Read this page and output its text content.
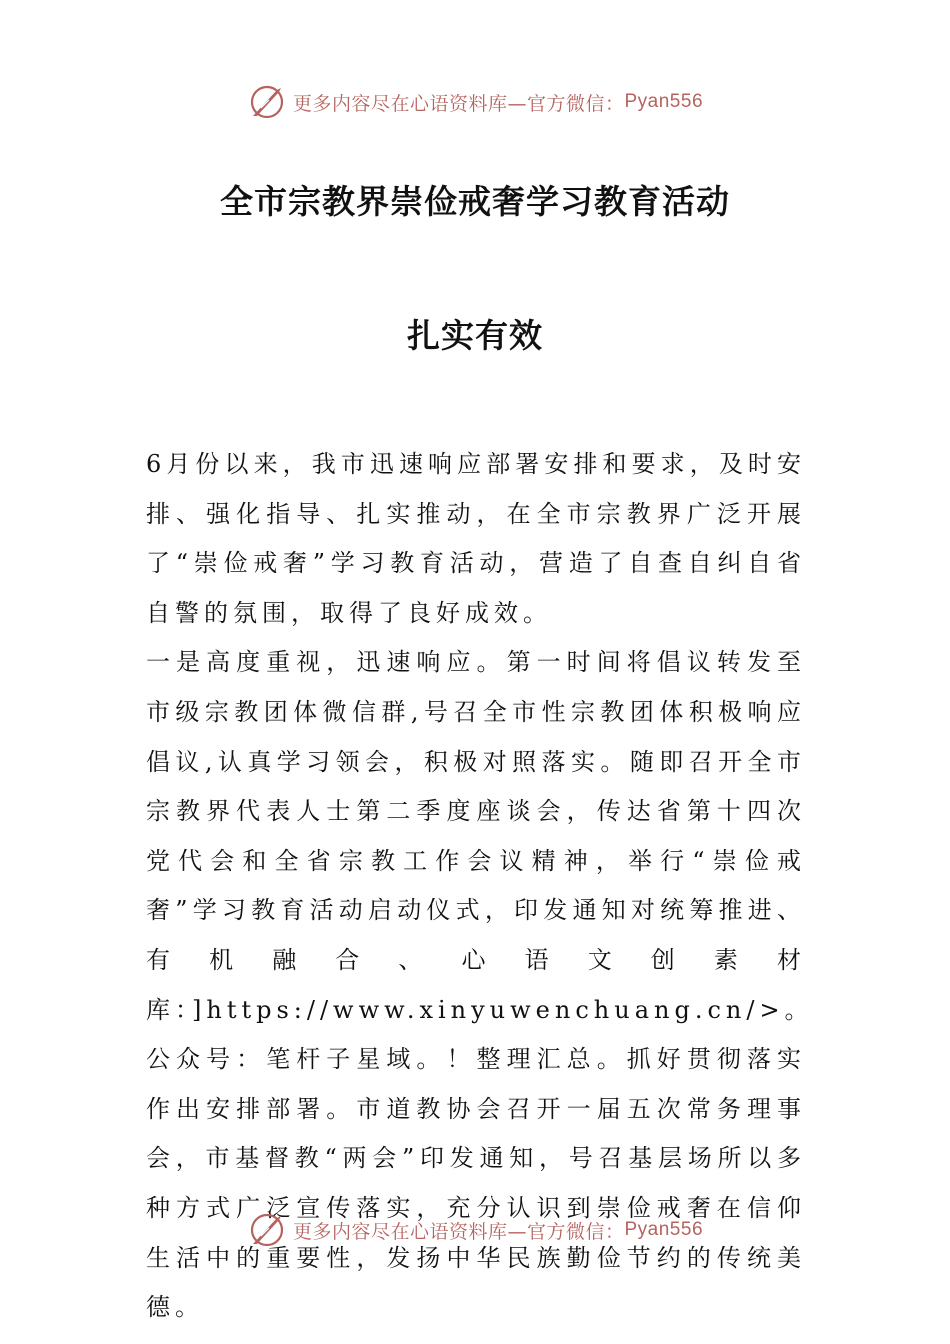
更多内容尽在心语资料库—官方微信： Pyan556
全市宗教界崇俭戒奢学习教育活动
扎实有效

6月份以来，我市迅速响应部署安排和要求，及时安排、强化指导、扎实推动，在全市宗教界广泛开展了“崇俭戒奢”学习教育活动，营造了自查自纠自省自警的氛围，取得了良好成效。

一是高度重视，迅速响应。第一时间将倡议转发至市级宗教团体微信群,号召全市性宗教团体积极响应倡议,认真学习领会，积极对照落实。随即召开全市宗教界代表人士第二季度座谈会，传达省第十四次党代会和全省宗教工作会议精神，举行“崇俭戒奢”学习教育活动启动仪式，印发通知对统筹推进、有机融合、心语文创素材库：]https://www.xinyuwenchuang.cn/>。公众号：笔杆子星域。！整理汇总。抓好贯彻落实作出安排部署。市道教协会召开一届五次常务理事会，市基督教“两会”印发通知，号召基层场所以多种方式广泛宣传落实，充分认识到崇俭戒奢在信仰生活中的重要性，发扬中华民族勤俭节约的传统美德。

更多内容尽在心语资料库—官方微信： Pyan556
